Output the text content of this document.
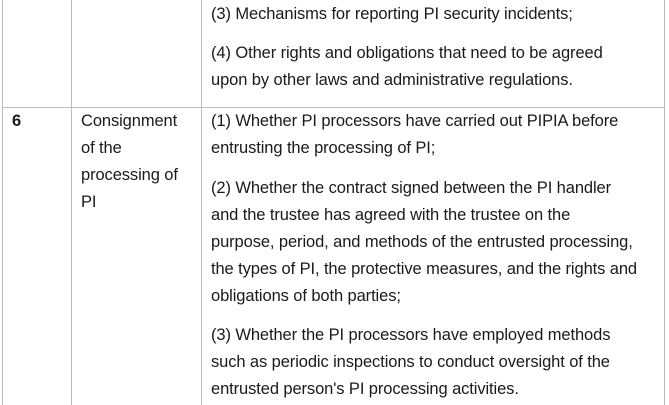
(3) Mechanisms for reporting PI security incidents;
(4) Other rights and obligations that need to be agreed
upon by other laws and administrative regulations.
6	Consignment
of the
processing of
PI
(1) Whether PI processors have carried out PIPIA before
entrusting the processing of PI;
(2) Whether the contract signed between the PI handler
and the trustee has agreed with the trustee on the
purpose, period, and methods of the entrusted processing,
the types of PI, the protective measures, and the rights and
obligations of both parties;
(3) Whether the PI processors have employed methods
such as periodic inspections to conduct oversight of the
entrusted person's PI processing activities.
